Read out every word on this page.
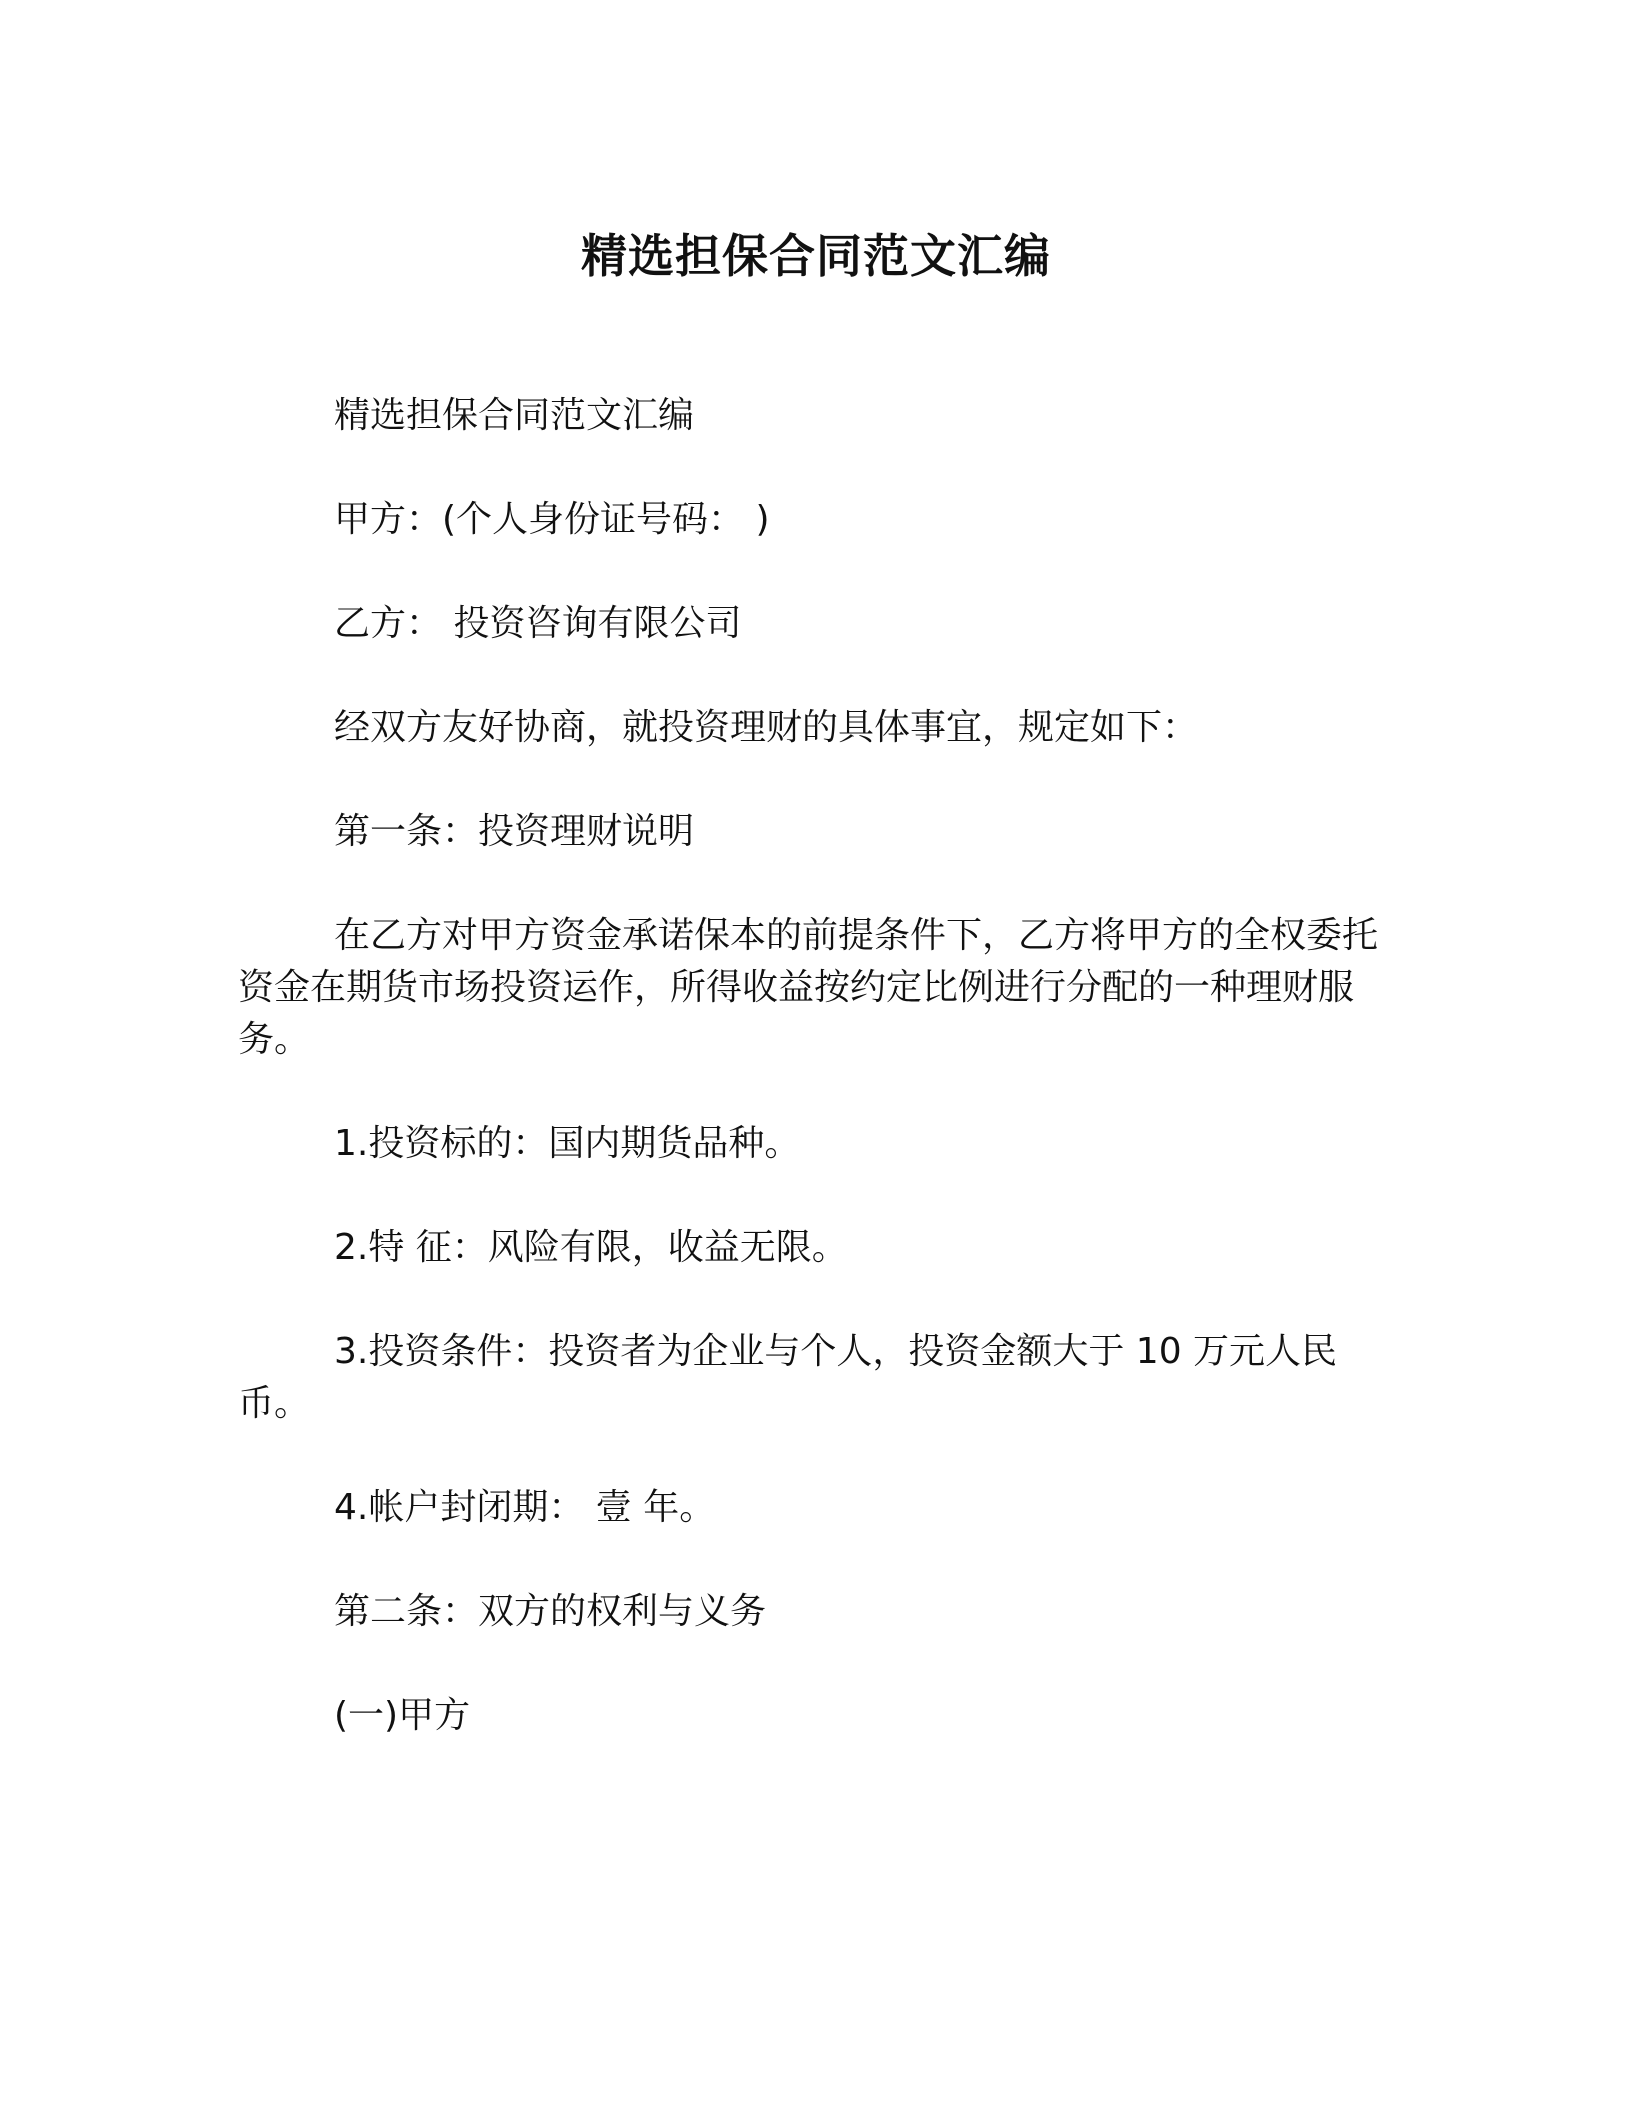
精选担保合同范文汇编

精选担保合同范文汇编

甲方：(个人身份证号码： )

乙方： 投资咨询有限公司

经双方友好协商，就投资理财的具体事宜，规定如下：

第一条：投资理财说明

在乙方对甲方资金承诺保本的前提条件下，乙方将甲方的全权委托资金在期货市场投资运作，所得收益按约定比例进行分配的一种理财服务。

1.投资标的：国内期货品种。

2.特 征：风险有限，收益无限。

3.投资条件：投资者为企业与个人，投资金额大于 10 万元人民币。

4.帐户封闭期： 壹 年。

第二条：双方的权利与义务

(一)甲方
